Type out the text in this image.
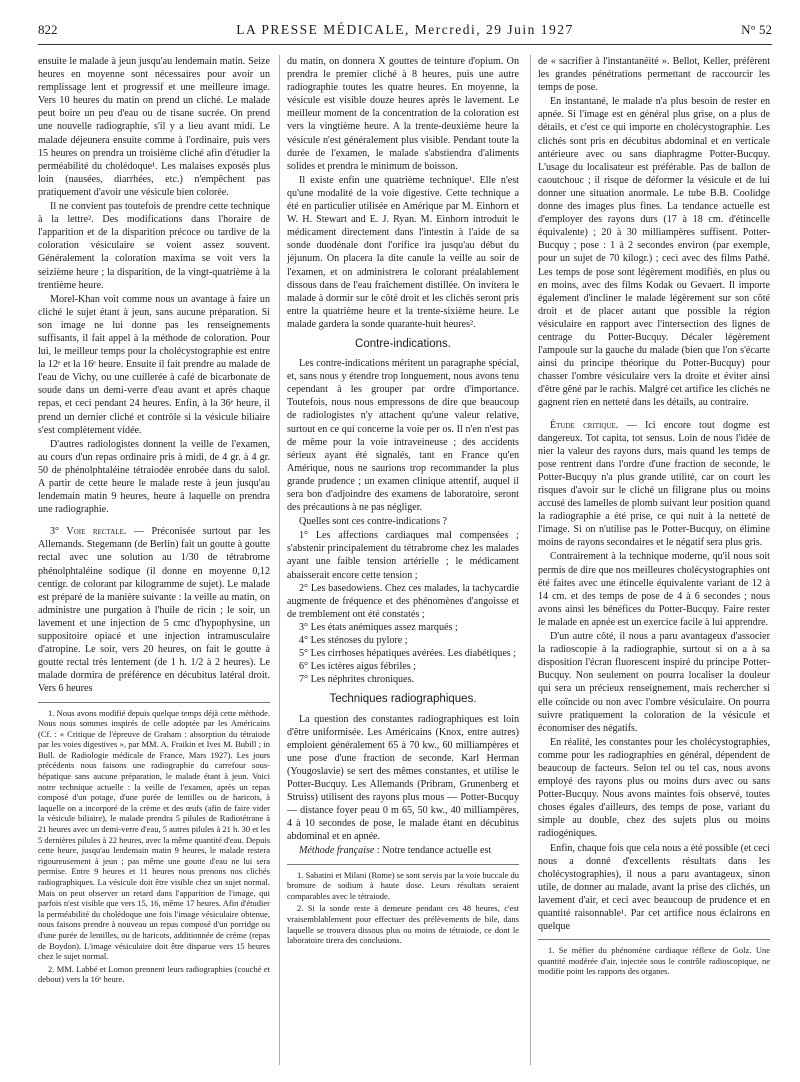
822	LA PRESSE MÉDICALE, Mercredi, 29 Juin 1927	N° 52

ensuite le malade à jeun jusqu'au lendemain matin. Seize heures en moyenne sont nécessaires pour avoir un remplissage lent et progressif et une meilleure image. Vers 10 heures du matin on prend un cliché. Le malade peut boire un peu d'eau ou de tisane sucrée. On prend une nouvelle radiographie, s'il y a lieu avant midi. Le malade déjeunera ensuite comme à l'ordinaire, puis vers 15 heures on prendra un troisième cliché afin d'étudier la perméabilité du cholédoque¹. Les malaises exposés plus loin (nausées, diarrhées, etc.) n'empêchent pas pratiquement d'avoir une vésicule bien colorée.

Il ne convient pas toutefois de prendre cette technique à la lettre². Des modifications dans l'horaire de l'apparition et de la disparition précoce ou tardive de la coloration vésiculaire se voient assez souvent. Généralement la coloration maxima se voit vers la seizième heure ; la disparition, de la vingt-quatrième à la trentième heure.

Morel-Khan voit comme nous un avantage à faire un cliché le sujet étant à jeun, sans aucune préparation. Si son image ne lui donne pas les renseignements suffisants, il fait appel à la méthode de coloration. Pour lui, le meilleur temps pour la cholécystographie est entre la 12ᵉ et la 16ᵉ heure. Ensuite il fait prendre au malade de l'eau de Vichy, ou une cuillerée à café de bicarbonate de soude dans un demi-verre d'eau avant et après chaque repas, et ceci pendant 24 heures. Enfin, à la 36ᵉ heure, il prend un dernier cliché et contrôle si la vésicule biliaire s'est complètement vidée.

D'autres radiologistes donnent la veille de l'examen, au cours d'un repas ordinaire pris à midi, de 4 gr. à 4 gr. 50 de phénolphtaléine tétraiodée enrobée dans du salol. A partir de cette heure le malade reste à jeun jusqu'au lendemain matin 9 heures, heure à laquelle on prendra une radiographie.

3° Voie rectale. — Préconisée surtout par les Allemands. Stegemann (de Berlin) fait un goutte à goutte rectal avec une solution au 1/30 de tétrabrome phénolphtaléine sodique (il donne en moyenne 0,12 centigr. de colorant par kilogramme de sujet). Le malade est préparé de la manière suivante : la veille au matin, on administre une purgation à l'huile de ricin ; le soir, un lavement et une injection de 5 cmc d'hypophysine, un suppositoire opiacé et une injection intramusculaire d'atropine. Le soir, vers 20 heures, on fait le goutte à goutte rectal très lentement (de 1 h. 1/2 à 2 heures). Le malade dormira de préférence en décubitus latéral droit. Vers 6 heures

1. Nous avons modifié depuis quelque temps déjà cette méthode. Nous nous sommes inspirés de celle adoptée par les Américains (Cf. : « Critique de l'épreuve de Graham : absorption du tétraiode par les voies digestives », par MM. A. Fraikin et Ives M. Bubill ; in Bull. de Radiologie médicale de France, Mars 1927). Les jours précédents nous faisons une radiographie du carrefour sous-hépatique sans aucune préparation, le malade étant à jeun. Voici notre technique actuelle : la veille de l'examen, après un repas composé d'un potage, d'une purée de lentilles ou de haricots, à laquelle on a incorporé de la crème et des œufs (afin de faire vider la vésicule biliaire), le malade prendra 5 pilules de Radiotétrane à 21 heures avec un demi-verre d'eau, 5 autres pilules à 21 h. 30 et les 5 dernières pilules à 22 heures, avec la même quantité d'eau. Depuis cette heure, jusqu'au lendemain matin 9 heures, le malade restera rigoureusement à jeun ; pas même une goutte d'eau ne lui sera permise. Entre 9 heures et 11 heures nous prenons nos clichés radiographiques. La vésicule doit être visible chez un sujet normal. Mais on peut observer un retard dans l'apparition de l'image, qui parfois n'est visible que vers 15, 16, même 17 heures. Afin d'étudier la perméabilité du cholédoque une fois l'image vésiculaire obtenue, nous faisons prendre à nouveau un repas composé d'un porridge ou d'une purée de lentilles, ou de haricots, additionnée de crème (repas de Boydon). L'image vésiculaire doit être disparue vers 15 heures chez le sujet normal.

2. MM. Labbé et Lomon prennent leurs radiographies (couché et debout) vers la 16ᵉ heure.

du matin, on donnera X gouttes de teinture d'opium. On prendra le premier cliché à 8 heures, puis une autre radiographie toutes les quatre heures. En moyenne, la vésicule est visible douze heures après le lavement. Le meilleur moment de la concentration de la coloration est vers la vingtième heure. A la trente-deuxième heure la vésicule n'est généralement plus visible. Pendant toute la durée de l'examen, le malade s'abstiendra d'aliments solides et prendra le minimum de boisson.

Il existe enfin une quatrième technique¹. Elle n'est qu'une modalité de la voie digestive. Cette technique a été en particulier utilisée en Amérique par M. Einhorn et W. H. Stewart and E. J. Ryan. M. Einhorn introduit le médicament directement dans l'intestin à l'aide de sa sonde duodénale dont l'orifice ira jusqu'au début du jéjunum. On placera la dite canule la veille au soir de l'examen, et on administrera le colorant préalablement dissous dans de l'eau fraîchement distillée. On invitera le malade à dormir sur le côté droit et les clichés seront pris entre la quatrième heure et la trente-sixième heure. Le malade gardera la sonde quarante-huit heures².

Contre-indications.

Les contre-indications méritent un paragraphe spécial, et, sans nous y étendre trop longuement, nous avons tenu cependant à les grouper par ordre d'importance. Toutefois, nous nous empressons de dire que beaucoup de radiologistes n'y attachent qu'une valeur relative, surtout en ce qui concerne la voie per os. Il n'en n'est pas de même pour la voie intraveineuse ; des accidents sérieux ayant été signalés, tant en France qu'en Amérique, nous ne saurions trop recommander la plus grande prudence ; un examen clinique attentif, auquel il sera bon d'adjoindre des examens de laboratoire, seront des précautions à ne pas négliger.

Quelles sont ces contre-indications ?

1° Les affections cardiaques mal compensées ; s'abstenir principalement du tétrabrome chez les malades ayant une faible tension artérielle ; le médicament abaisserait encore cette tension ;
2° Les basedowiens. Chez ces malades, la tachycardie augmente de fréquence et des phénomènes d'angoisse et de tremblement ont été constatés ;
3° Les états anémiques assez marqués ;
4° Les sténoses du pylore ;
5° Les cirrhoses hépatiques avérées. Les diabétiques ;
6° Les ictères aigus fébriles ;
7° Les néphrites chroniques.
Techniques radiographiques.

La question des constantes radiographiques est loin d'être uniformisée. Les Américains (Knox, entre autres) emploient généralement 65 à 70 kw., 60 milliampères et une pose d'une fraction de seconde. Karl Herman (Yougoslavie) se sert des mêmes constantes, et utilise le Potter-Bucquy. Les Allemands (Pribram, Grunenberg et Struiss) utilisent des rayons plus mous — Potter-Bucquy — distance foyer peau 0 m 65, 50 kw., 40 milliampères, 4 à 10 secondes de pose, le malade étant en décubitus abdominal et en apnée.

Méthode française : Notre tendance actuelle est

1. Sabatini et Milani (Rome) se sont servis par la voie buccale du bromure de sodium à haute dose. Leurs résultats seraient comparables avec le tétraiode.

2. Si la sonde reste à demeure pendant ces 48 heures, c'est vraisemblablement pour effectuer des prélèvements de bile, dans laquelle se trouvera dissous plus ou moins de tétraiode, ce dont le laboratoire tirera des conclusions.

de « sacrifier à l'instantanéité ». Bellot, Keller, préfèrent les grandes pénétrations permettant de raccourcir les temps de pose.

En instantané, le malade n'a plus besoin de rester en apnée. Si l'image est en général plus grise, on a plus de détails, et c'est ce qui importe en cholécystographie. Les clichés sont pris en décubitus abdominal et en verticale antérieure avec ou sans diaphragme Potter-Bucquy. L'usage du localisateur est préférable. Pas de ballon de caoutchouc ; il risque de déformer la vésicule et de lui donner une situation anormale. Le tube B.B. Coolidge donne des images plus fines. La tendance actuelle est d'employer des rayons durs (17 à 18 cm. d'étincelle équivalente) ; 20 à 30 milliampères suffisent. Potter-Bucquy ; pose : 1 à 2 secondes environ (par exemple, pour un sujet de 70 kilogr.) ; ceci avec des films Pathé. Les temps de pose sont légèrement modifiés, en plus ou en moins, avec des films Kodak ou Gevaert. Il importe également d'incliner le malade légèrement sur son côté droit et de placer autant que possible la région vésiculaire en rapport avec l'intersection des lignes de centrage du Potter-Bucquy. Décaler légèrement l'ampoule sur la gauche du malade (bien que l'on s'écarte ainsi du principe théorique du Potter-Bucquy) pour chasser l'ombre vésiculaire vers la droite et éviter ainsi d'être gêné par le rachis. Malgré cet artifice les clichés ne gagnent rien en netteté dans les détails, au contraire.

Étude critique. — Ici encore tout dogme est dangereux. Tot capita, tot sensus. Loin de nous l'idée de nier la valeur des rayons durs, mais quand les temps de pose rentrent dans l'ordre d'une fraction de seconde, le Potter-Bucquy n'a plus grande utilité, car on court les risques d'avoir sur le cliché un filigrane plus ou moins accusé des lamelles de plomb suivant leur position quand la radiographie a été prise, ce qui nuit à la netteté de l'image. Si on n'utilise pas le Potter-Bucquy, on élimine moins de rayons secondaires et le négatif sera plus gris.

Contrairement à la technique moderne, qu'il nous soit permis de dire que nos meilleures cholécystographies ont été faites avec une étincelle équivalente variant de 12 à 14 cm. et des temps de pose de 4 à 6 secondes ; nous avons ainsi les bénéfices du Potter-Bucquy. Faire rester le malade en apnée est un exercice facile à lui apprendre.

D'un autre côté, il nous a paru avantageux d'associer la radioscopie à la radiographie, surtout si on a à sa disposition l'écran fluorescent inspiré du principe Potter-Bucquy. Non seulement on pourra localiser la douleur qui sera un précieux renseignement, mais rechercher si elle coïncide ou non avec l'ombre vésiculaire. On pourra suivre pratiquement la coloration de la vésicule et économiser des négatifs.

En réalité, les constantes pour les cholécystographies, comme pour les radiographies en général, dépendent de beaucoup de facteurs. Selon tel ou tel cas, nous avons employé des rayons plus ou moins durs avec ou sans Potter-Bucquy. Nous avons maintes fois observé, toutes choses égales d'ailleurs, des temps de pose, variant du simple au double, chez des sujets plus ou moins radiogéniques.

Enfin, chaque fois que cela nous a été possible (et ceci nous a donné d'excellents résultats dans les cholécystographies), il nous a paru avantageux, sinon utile, de donner au malade, avant la prise des clichés, un lavement d'air, et ceci avec beaucoup de prudence et en quantité raisonnable¹. Par cet artifice nous éclairons en quelque

1. Se méfier du phénomène cardiaque réflexe de Golz. Une quantité modérée d'air, injectée sous le contrôle radioscopique, ne modifie point les rapports des organes.
